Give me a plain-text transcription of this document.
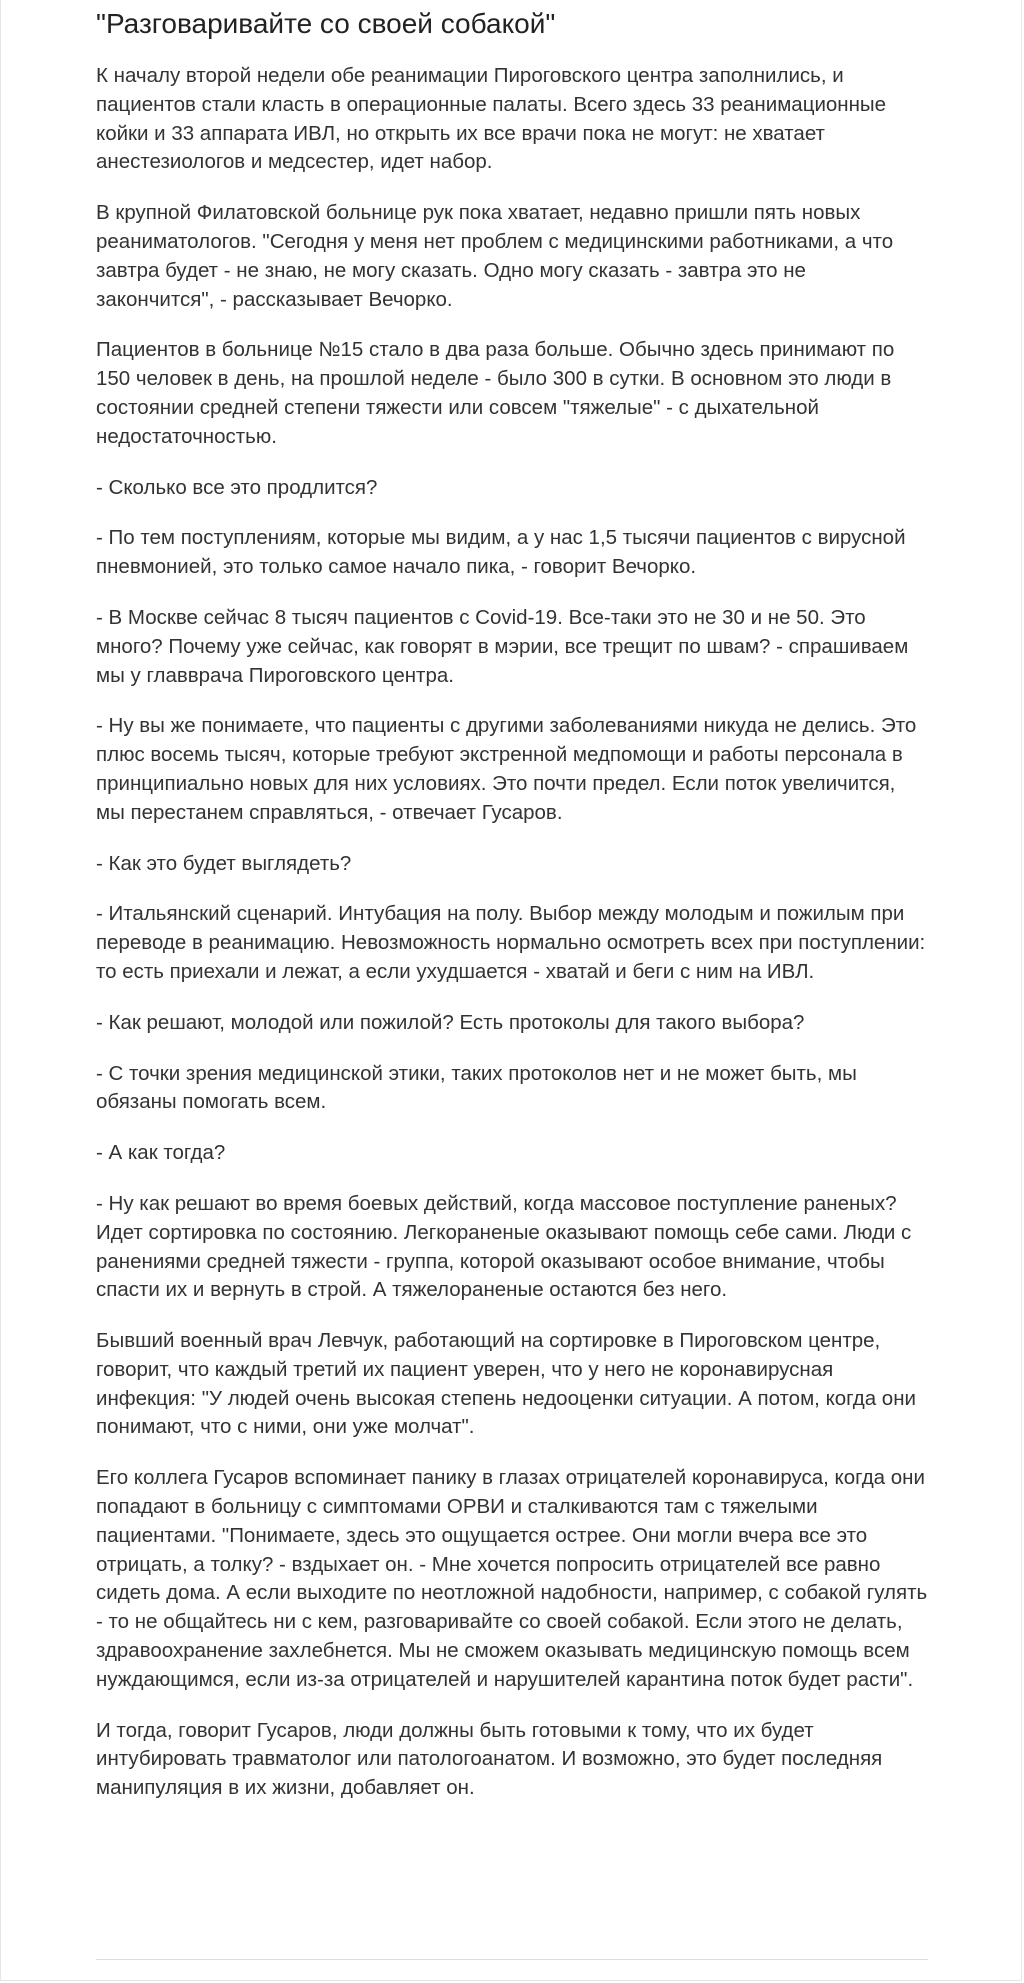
"Разговаривайте со своей собакой"

К началу второй недели обе реанимации Пироговского центра заполнились, и пациентов стали класть в операционные палаты. Всего здесь 33 реанимационные койки и 33 аппарата ИВЛ, но открыть их все врачи пока не могут: не хватает анестезиологов и медсестер, идет набор.

В крупной Филатовской больнице рук пока хватает, недавно пришли пять новых реаниматологов. "Сегодня у меня нет проблем с медицинскими работниками, а что завтра будет - не знаю, не могу сказать. Одно могу сказать - завтра это не закончится", - рассказывает Вечорко.

Пациентов в больнице №15 стало в два раза больше. Обычно здесь принимают по 150 человек в день, на прошлой неделе - было 300 в сутки. В основном это люди в состоянии средней степени тяжести или совсем "тяжелые" - с дыхательной недостаточностью.

- Сколько все это продлится?

- По тем поступлениям, которые мы видим, а у нас 1,5 тысячи пациентов с вирусной пневмонией, это только самое начало пика, - говорит Вечорко.

- В Москве сейчас 8 тысяч пациентов с Covid-19. Все-таки это не 30 и не 50. Это много? Почему уже сейчас, как говорят в мэрии, все трещит по швам? - спрашиваем мы у главврача Пироговского центра.

- Ну вы же понимаете, что пациенты с другими заболеваниями никуда не делись. Это плюс восемь тысяч, которые требуют экстренной медпомощи и работы персонала в принципиально новых для них условиях. Это почти предел. Если поток увеличится, мы перестанем справляться, - отвечает Гусаров.

- Как это будет выглядеть?

- Итальянский сценарий. Интубация на полу. Выбор между молодым и пожилым при переводе в реанимацию. Невозможность нормально осмотреть всех при поступлении: то есть приехали и лежат, а если ухудшается - хватай и беги с ним на ИВЛ.

- Как решают, молодой или пожилой? Есть протоколы для такого выбора?

- С точки зрения медицинской этики, таких протоколов нет и не может быть, мы обязаны помогать всем.

- А как тогда?

- Ну как решают во время боевых действий, когда массовое поступление раненых? Идет сортировка по состоянию. Легкораненые оказывают помощь себе сами. Люди с ранениями средней тяжести - группа, которой оказывают особое внимание, чтобы спасти их и вернуть в строй. А тяжелораненые остаются без него.

Бывший военный врач Левчук, работающий на сортировке в Пироговском центре, говорит, что каждый третий их пациент уверен, что у него не коронавирусная инфекция: "У людей очень высокая степень недооценки ситуации. А потом, когда они понимают, что с ними, они уже молчат".

Его коллега Гусаров вспоминает панику в глазах отрицателей коронавируса, когда они попадают в больницу с симптомами ОРВИ и сталкиваются там с тяжелыми пациентами. "Понимаете, здесь это ощущается острее. Они могли вчера все это отрицать, а толку? - вздыхает он. - Мне хочется попросить отрицателей все равно сидеть дома. А если выходите по неотложной надобности, например, с собакой гулять - то не общайтесь ни с кем, разговаривайте со своей собакой. Если этого не делать, здравоохранение захлебнется. Мы не сможем оказывать медицинскую помощь всем нуждающимся, если из-за отрицателей и нарушителей карантина поток будет расти".

И тогда, говорит Гусаров, люди должны быть готовыми к тому, что их будет интубировать травматолог или патологоанатом. И возможно, это будет последняя манипуляция в их жизни, добавляет он.
